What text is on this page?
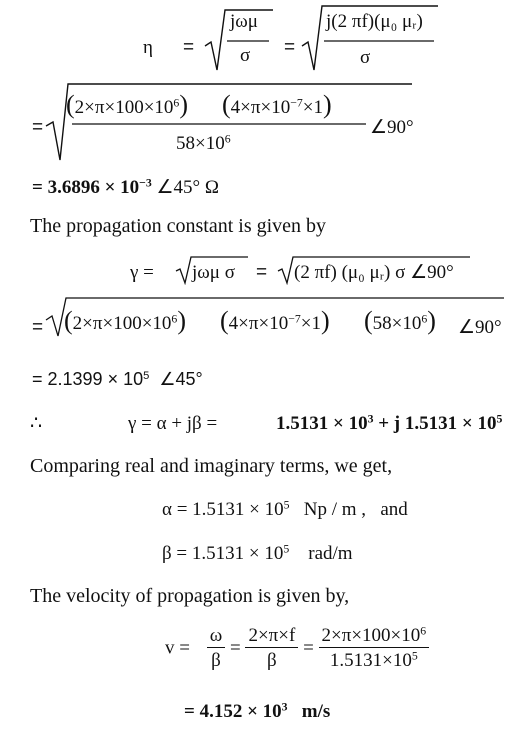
η =
jωμ
σ =
j(2 πf)(μ₀ μᵣ)
σ
=
$(2\times\pi\times 100\times 10^6)$ $(4\times\pi\times 10^{-7}\times 1)$
$58\times 10^6$
∠90°
= $3.6896 \times 10^{-3}$ ∠45° Ω
The propagation constant is given by
γ = jωμ σ = (2 πf) (μ₀ μᵣ) σ ∠90°
= $(2\times\pi\times 100\times 10^6)$ $(4\times\pi\times 10^{-7}\times 1)$ $(58\times 10^6)$ ∠90°
= $2.1399 \times 10^5$ ∠45°
∴	γ = α + jβ =	$1.5131 \times 10^3 + j$ $1.5131 \times 10^5$
Comparing real and imaginary terms, we get,
$\alpha = 1.5131 \times 10^5$ Np / m , and
$\beta = 1.5131 \times 10^5$ rad/m
The velocity of propagation is given by,
$v = \frac{\omega}{\beta} = \frac{2\times\pi\times f}{\beta} = \frac{2\times\pi\times 100\times 10^6}{1.5131\times 10^5}$
= $4.152 \times 10^3$ m/s
